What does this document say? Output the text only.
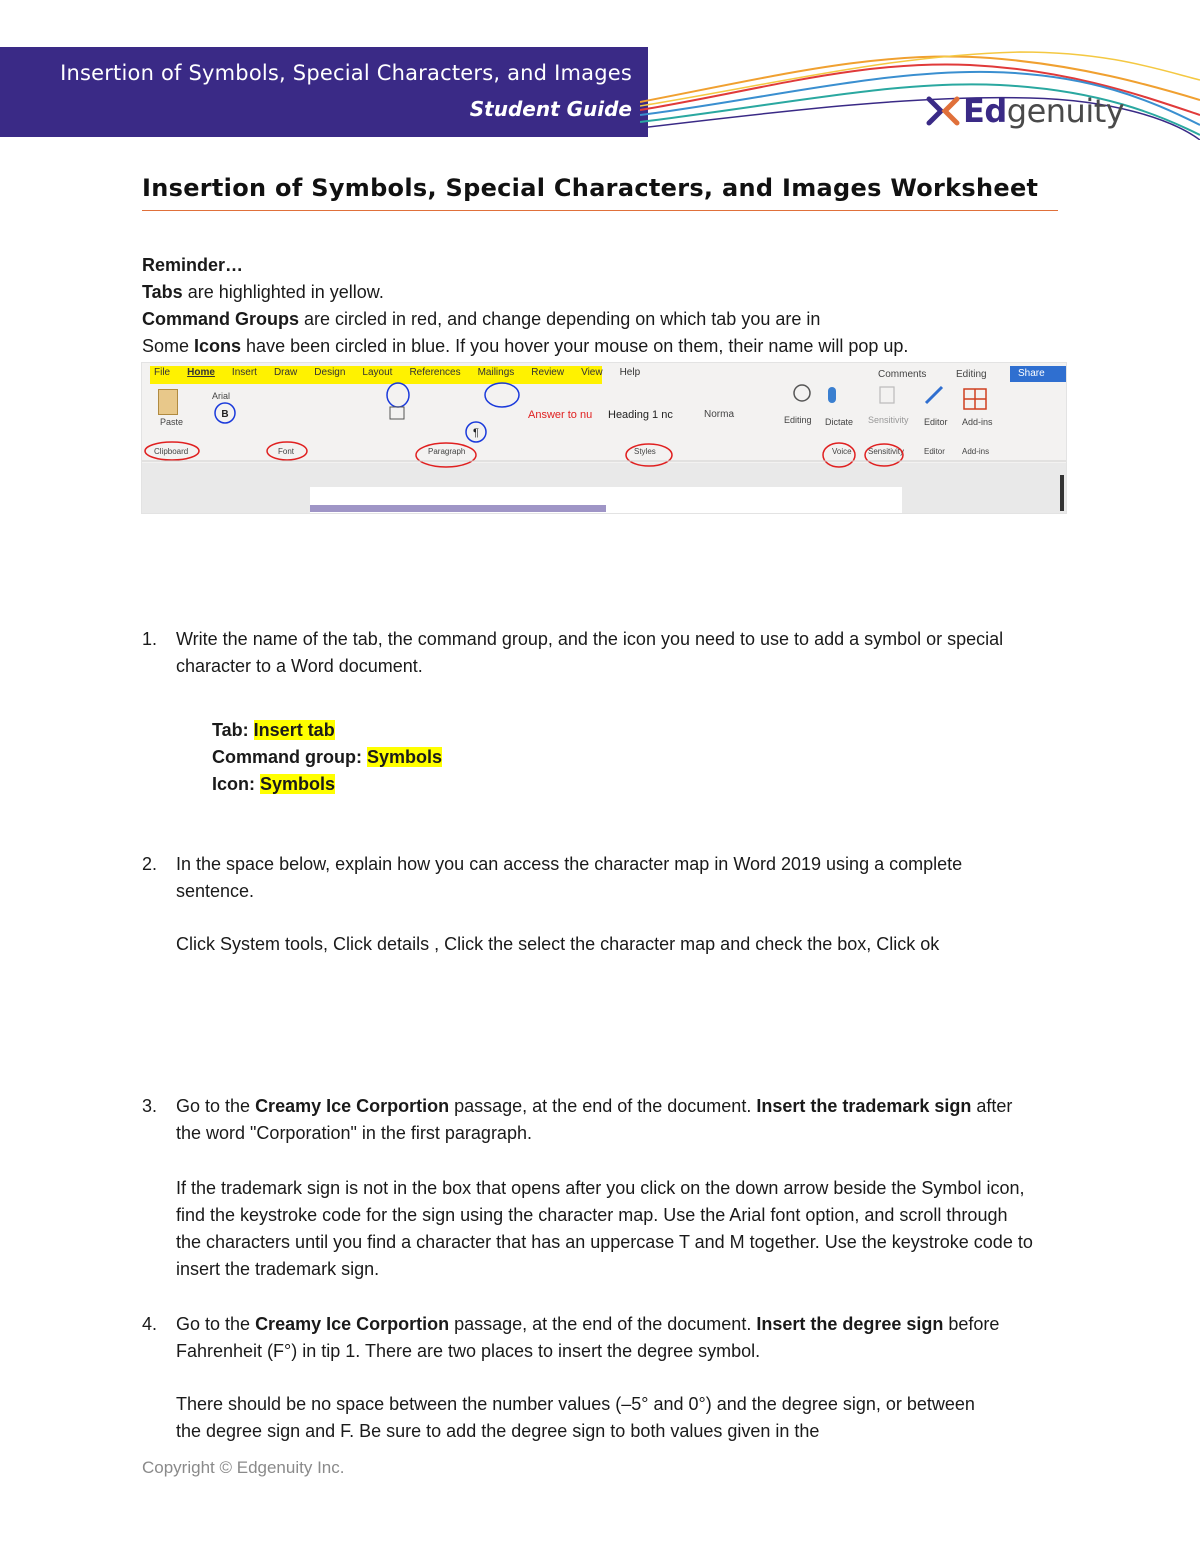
Insertion of Symbols, Special Characters, and Images
Student Guide	Edgenuity
Insertion of Symbols, Special Characters, and Images Worksheet
Reminder…
Tabs are highlighted in yellow.
Command Groups are circled in red, and change depending on which tab you are in
Some Icons have been circled in blue. If you hover your mouse on them, their name will pop up.
File Home Insert Draw Design Layout References Mailings Review View Help	Comments	Editing	Share
Paste
Arial
Answer to nu Heading 1 nc	Norma	Editing Dictate Sensitivity Editor Add-ins
Clipboard	Font	Paragraph	Styles	Voice Sensitivity Editor Add-ins
B
¶
1. Write the name of the tab, the command group, and the icon you need to use to add a symbol or special character to a Word document.
Tab: Insert tab
Command group: Symbols
Icon: Symbols
2. In the space below, explain how you can access the character map in Word 2019 using a complete sentence.
Click System tools, Click details , Click the select the character map and check the box, Click ok
3. Go to the Creamy Ice Corportion passage, at the end of the document. Insert the trademark sign after the word "Corporation" in the first paragraph.
If the trademark sign is not in the box that opens after you click on the down arrow beside the Symbol icon, find the keystroke code for the sign using the character map. Use the Arial font option, and scroll through the characters until you find a character that has an uppercase T and M together. Use the keystroke code to insert the trademark sign.
4. Go to the Creamy Ice Corportion passage, at the end of the document. Insert the degree sign before Fahrenheit (F°) in tip 1. There are two places to insert the degree symbol.
There should be no space between the number values (–5° and 0°) and the degree sign, or between the degree sign and F. Be sure to add the degree sign to both values given in the
Copyright © Edgenuity Inc.
